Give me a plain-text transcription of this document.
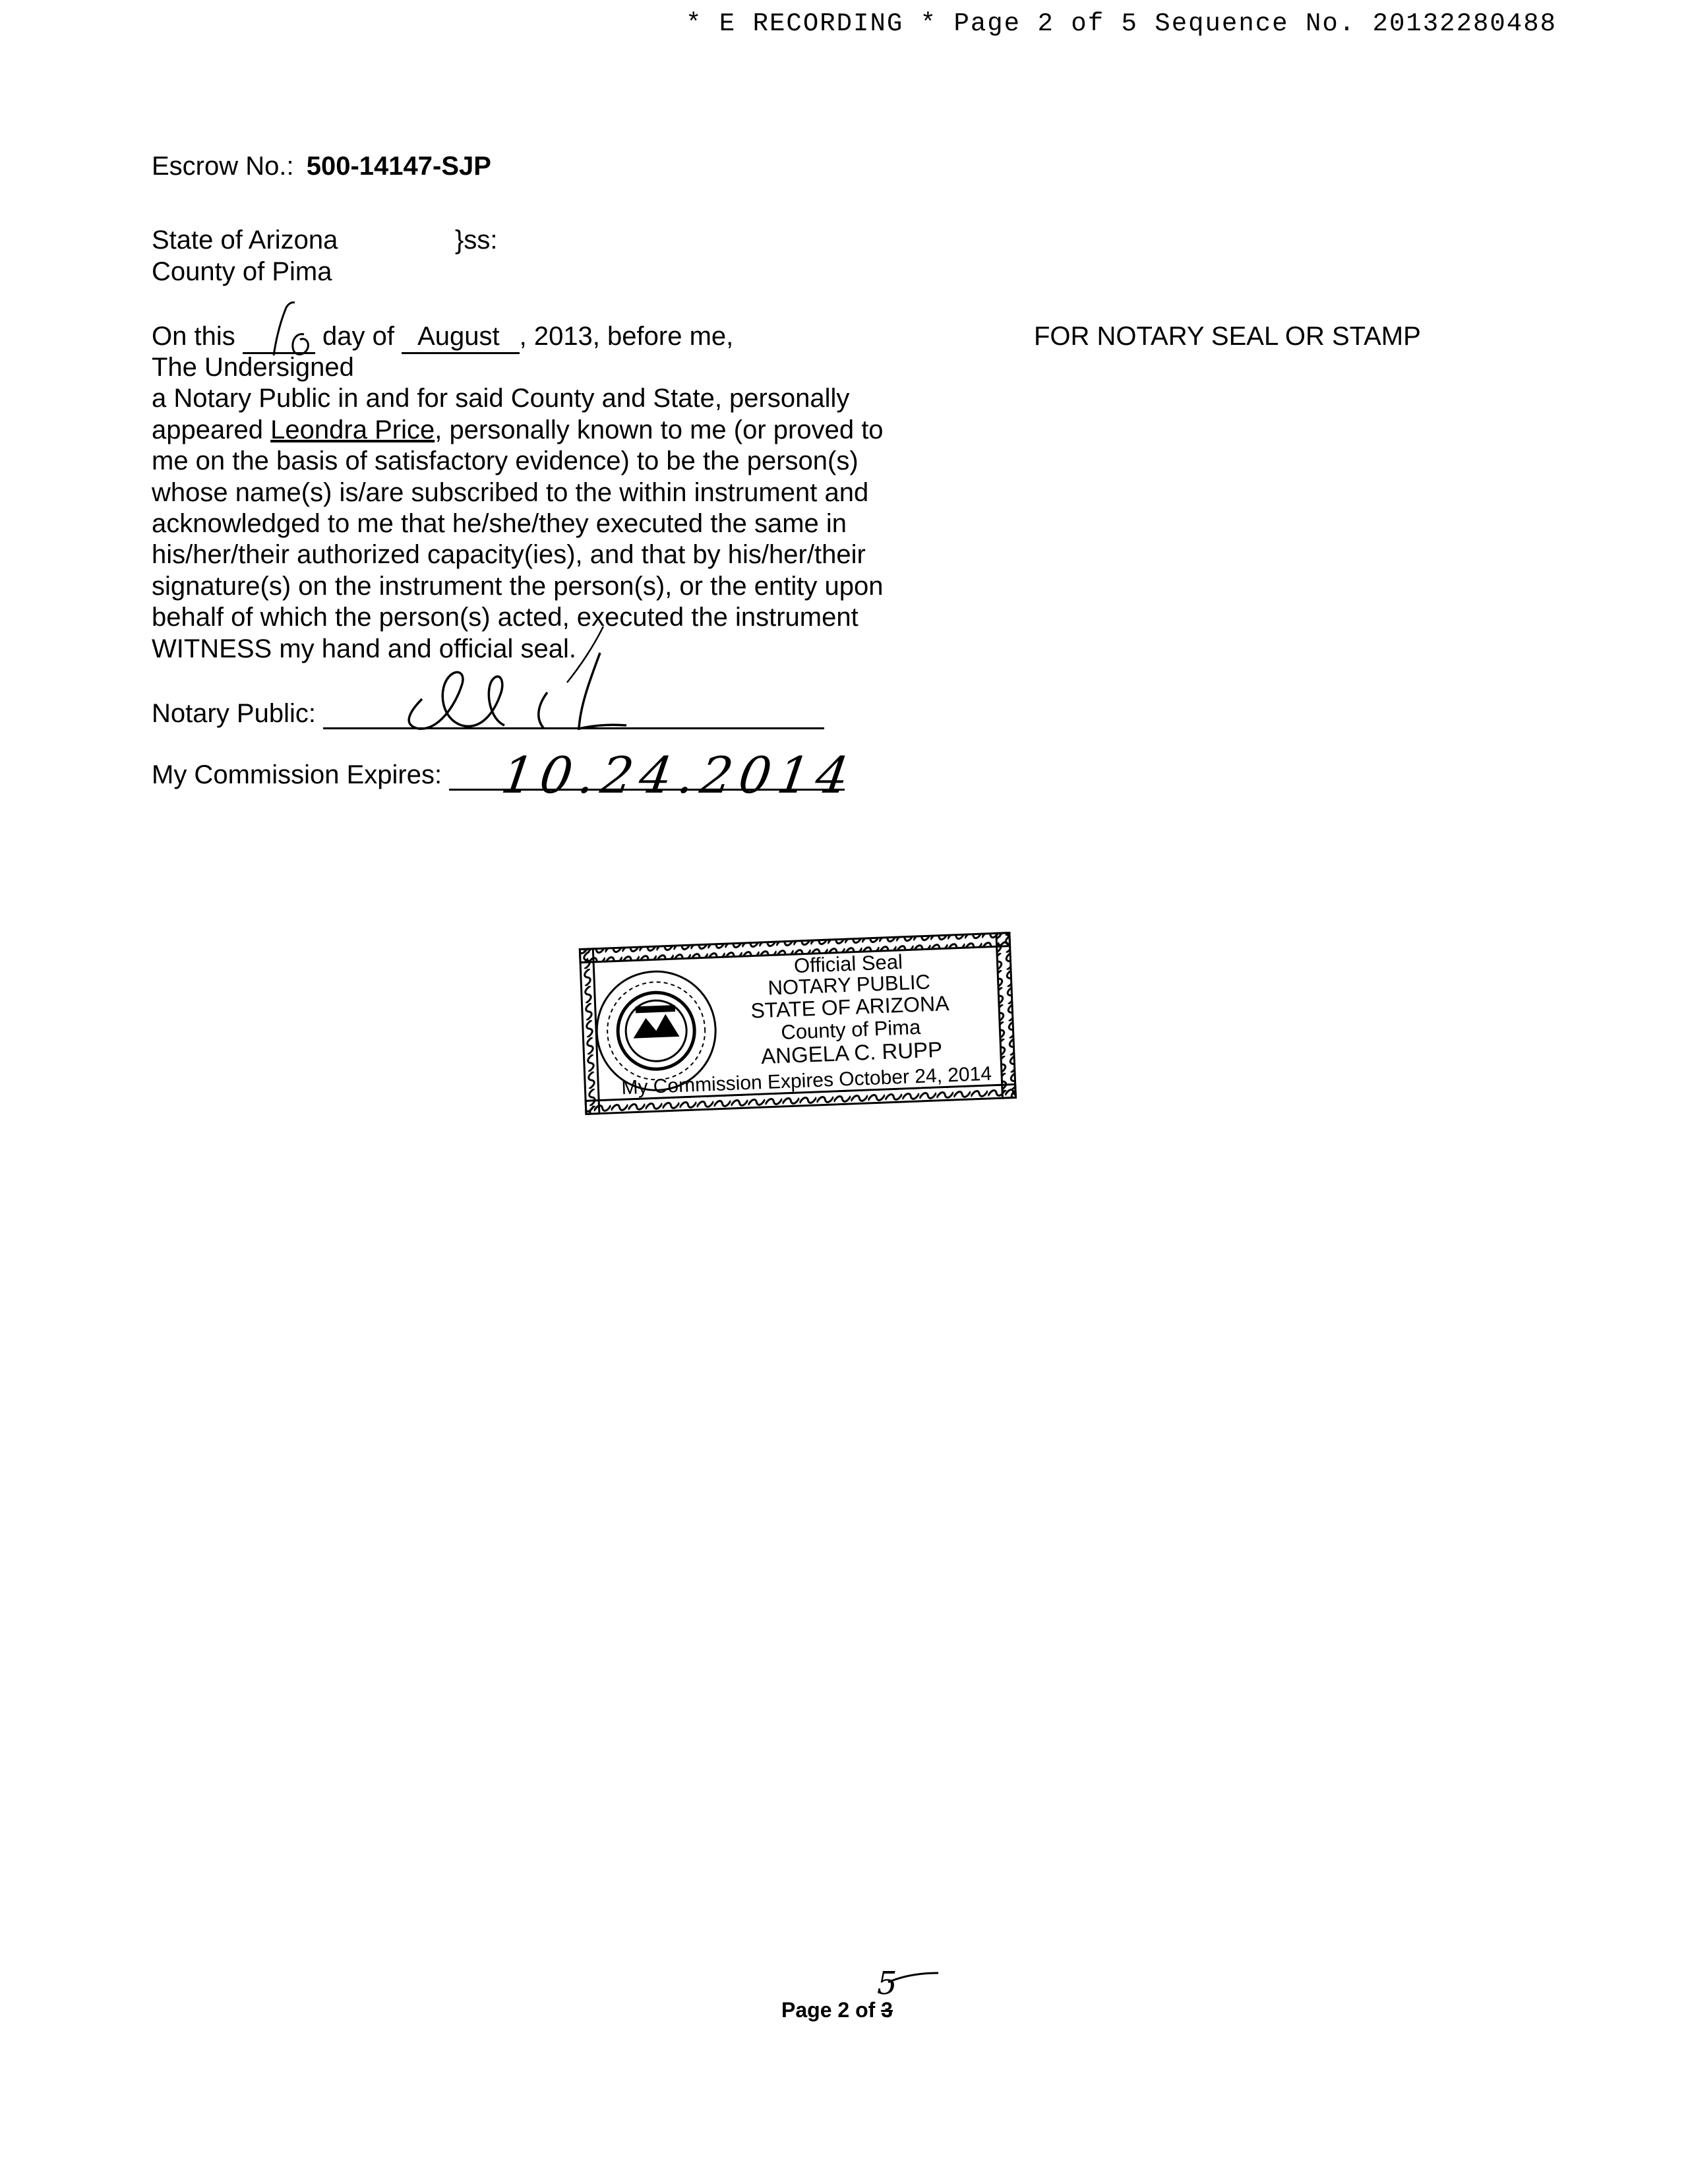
* E RECORDING * Page 2 of 5 Sequence No. 20132280488
Escrow No.: 500-14147-SJP
State of Arizona	}ss:
County of Pima
FOR NOTARY SEAL OR STAMP
On this	day of August , 2013, before me,
The Undersigned
a Notary Public in and for said County and State, personally
appeared Leondra Price, personally known to me (or proved to
me on the basis of satisfactory evidence) to be the person(s)
whose name(s) is/are subscribed to the within instrument and
acknowledged to me that he/she/they executed the same in
his/her/their authorized capacity(ies), and that by his/her/their
signature(s) on the instrument the person(s), or the entity upon
behalf of which the person(s) acted, executed the instrument
WITNESS my hand and official seal.
Notary Public:
My Commission Expires: 10.24.2014
Official Seal
NOTARY PUBLIC
STATE OF ARIZONA
County of Pima
ANGELA C. RUPP
My Commission Expires October 24, 2014
Page 2 of 3
5
